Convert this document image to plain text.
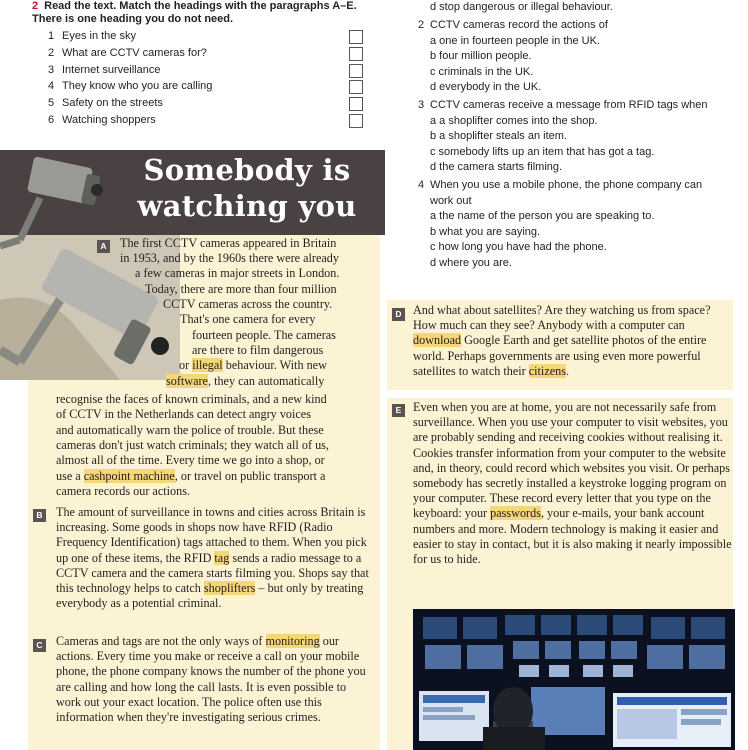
2 Read the text. Match the headings with the paragraphs A–E.
There is one heading you do not need.
1 Eyes in the sky
2 What are CCTV cameras for?
3 Internet surveillance
4 They know who you are calling
5 Safety on the streets
6 Watching shoppers
d stop dangerous or illegal behaviour.
2 CCTV cameras record the actions of
a one in fourteen people in the UK.
b four million people.
c criminals in the UK.
d everybody in the UK.
3 CCTV cameras receive a message from RFID tags when
a a shoplifter comes into the shop.
b a shoplifter steals an item.
c somebody lifts up an item that has got a tag.
d the camera starts filming.
4 When you use a mobile phone, the phone company can
work out
a the name of the person you are speaking to.
b what you are saying.
c how long you have had the phone.
d where you are.
Somebody is
watching you
A The first CCTV cameras appeared in Britain
in 1953, and by the 1960s there were already
a few cameras in major streets in London.
Today, there are more than four million
CCTV cameras across the country.
That's one camera for every
fourteen people. The cameras
are there to film dangerous
or illegal behaviour. With new
software, they can automatically
recognise the faces of known criminals, and a new kind
of CCTV in the Netherlands can detect angry voices
and automatically warn the police of trouble. But these
cameras don't just watch criminals; they watch all of us,
almost all of the time. Every time we go into a shop, or
use a cashpoint machine, or travel on public transport a
camera records our actions.
B The amount of surveillance in towns and cities across Britain is increasing. Some goods in shops now have RFID (Radio Frequency Identification) tags attached to them. When you pick up one of these items, the RFID tag sends a radio message to a CCTV camera and the camera starts filming you. Shops say that this technology helps to catch shoplifters – but only by treating everybody as a potential criminal.
C Cameras and tags are not the only ways of monitoring our actions. Every time you make or receive a call on your mobile phone, the phone company knows the number of the phone you are calling and how long the call lasts. It is even possible to work out your exact location. The police often use this information when they're investigating serious crimes.
D And what about satellites? Are they watching us from space? How much can they see? Anybody with a computer can download Google Earth and get satellite photos of the entire world. Perhaps governments are using even more powerful satellites to watch their citizens.
E Even when you are at home, you are not necessarily safe from surveillance. When you use your computer to visit websites, you are probably sending and receiving cookies without realising it. Cookies transfer information from your computer to the website and, in theory, could record which websites you visit. Or perhaps somebody has secretly installed a keystroke logging program on your computer. These record every letter that you type on the keyboard: your passwords, your e-mails, your bank account numbers and more. Modern technology is making it easier and easier to stay in contact, but it is also making it nearly impossible for us to hide.
